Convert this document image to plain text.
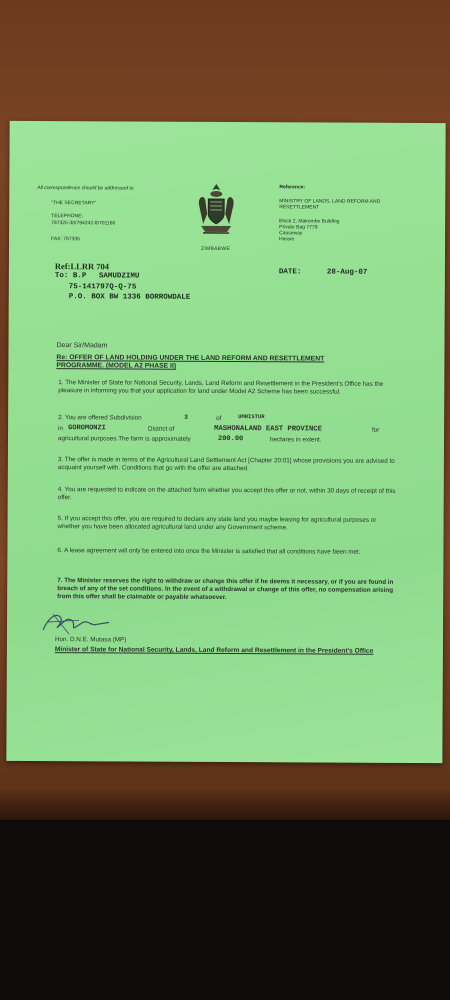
All correspondence should be addressed to
"THE SECRETARY"
TELEPHONE:
797325-30/794242-8/701166
FAX: 797335
ZIMBABWE
Reference:
MINISTRY OF LANDS, LAND REFORM AND RESETTLEMENT
Block 2, Makombe Building
Private Bag 7779
Causeway
Harare
Ref:LLRR 704
To: B.P SAMUDZIMU
75-141797Q-Q-75
P.O. BOX BW 1336 BORROWDALE
DATE:	28-Aug-07
Dear Sir/Madam
Re: OFFER OF LAND HOLDING UNDER THE LAND REFORM AND RESETTLEMENT PROGRAMME. (MODEL A2 PHASE II)
1. The Minister of State for National Security, Lands, Land Reform and Resettlement in the President's Office has the pleasure in informing you that your application for land under Model A2 Scheme has been successful.
2. You are offered Subdivision	3	of	UMRISTUR
in GOROMONZI	District of	MASHONALAND EAST PROVINCE	for
agricultural purposes.The farm is approximately	200.00	hectares in extent.
3. The offer is made in terms of the Agricultural Land Settlement Act [Chapter 20:01] whose provisions you are advised to acquaint yourself with. Conditions that go with the offer are attached.
4. You are requested to indicate on the attached form whether you accept this offer or not, within 30 days of receipt of this offer.
5. If you accept this offer, you are required to declare any state land you maybe leasing for agricultural purposes or whether you have been allocated agricultural land under any Government scheme.
6. A lease agreement will only be entered into once the Minister is satisfied that all conditions have been met.
7. The Minister reserves the right to withdraw or change this offer if he deems it necessary, or if you are found in breach of any of the set conditions. In the event of a withdrawal or change of this offer, no compensation arising from this offer shall be claimable or payable whatsoever.
Hon. D.N.E. Mutasa (MP)
Minister of State for National Security, Lands, Land Reform and Resettlement in the President's Office
